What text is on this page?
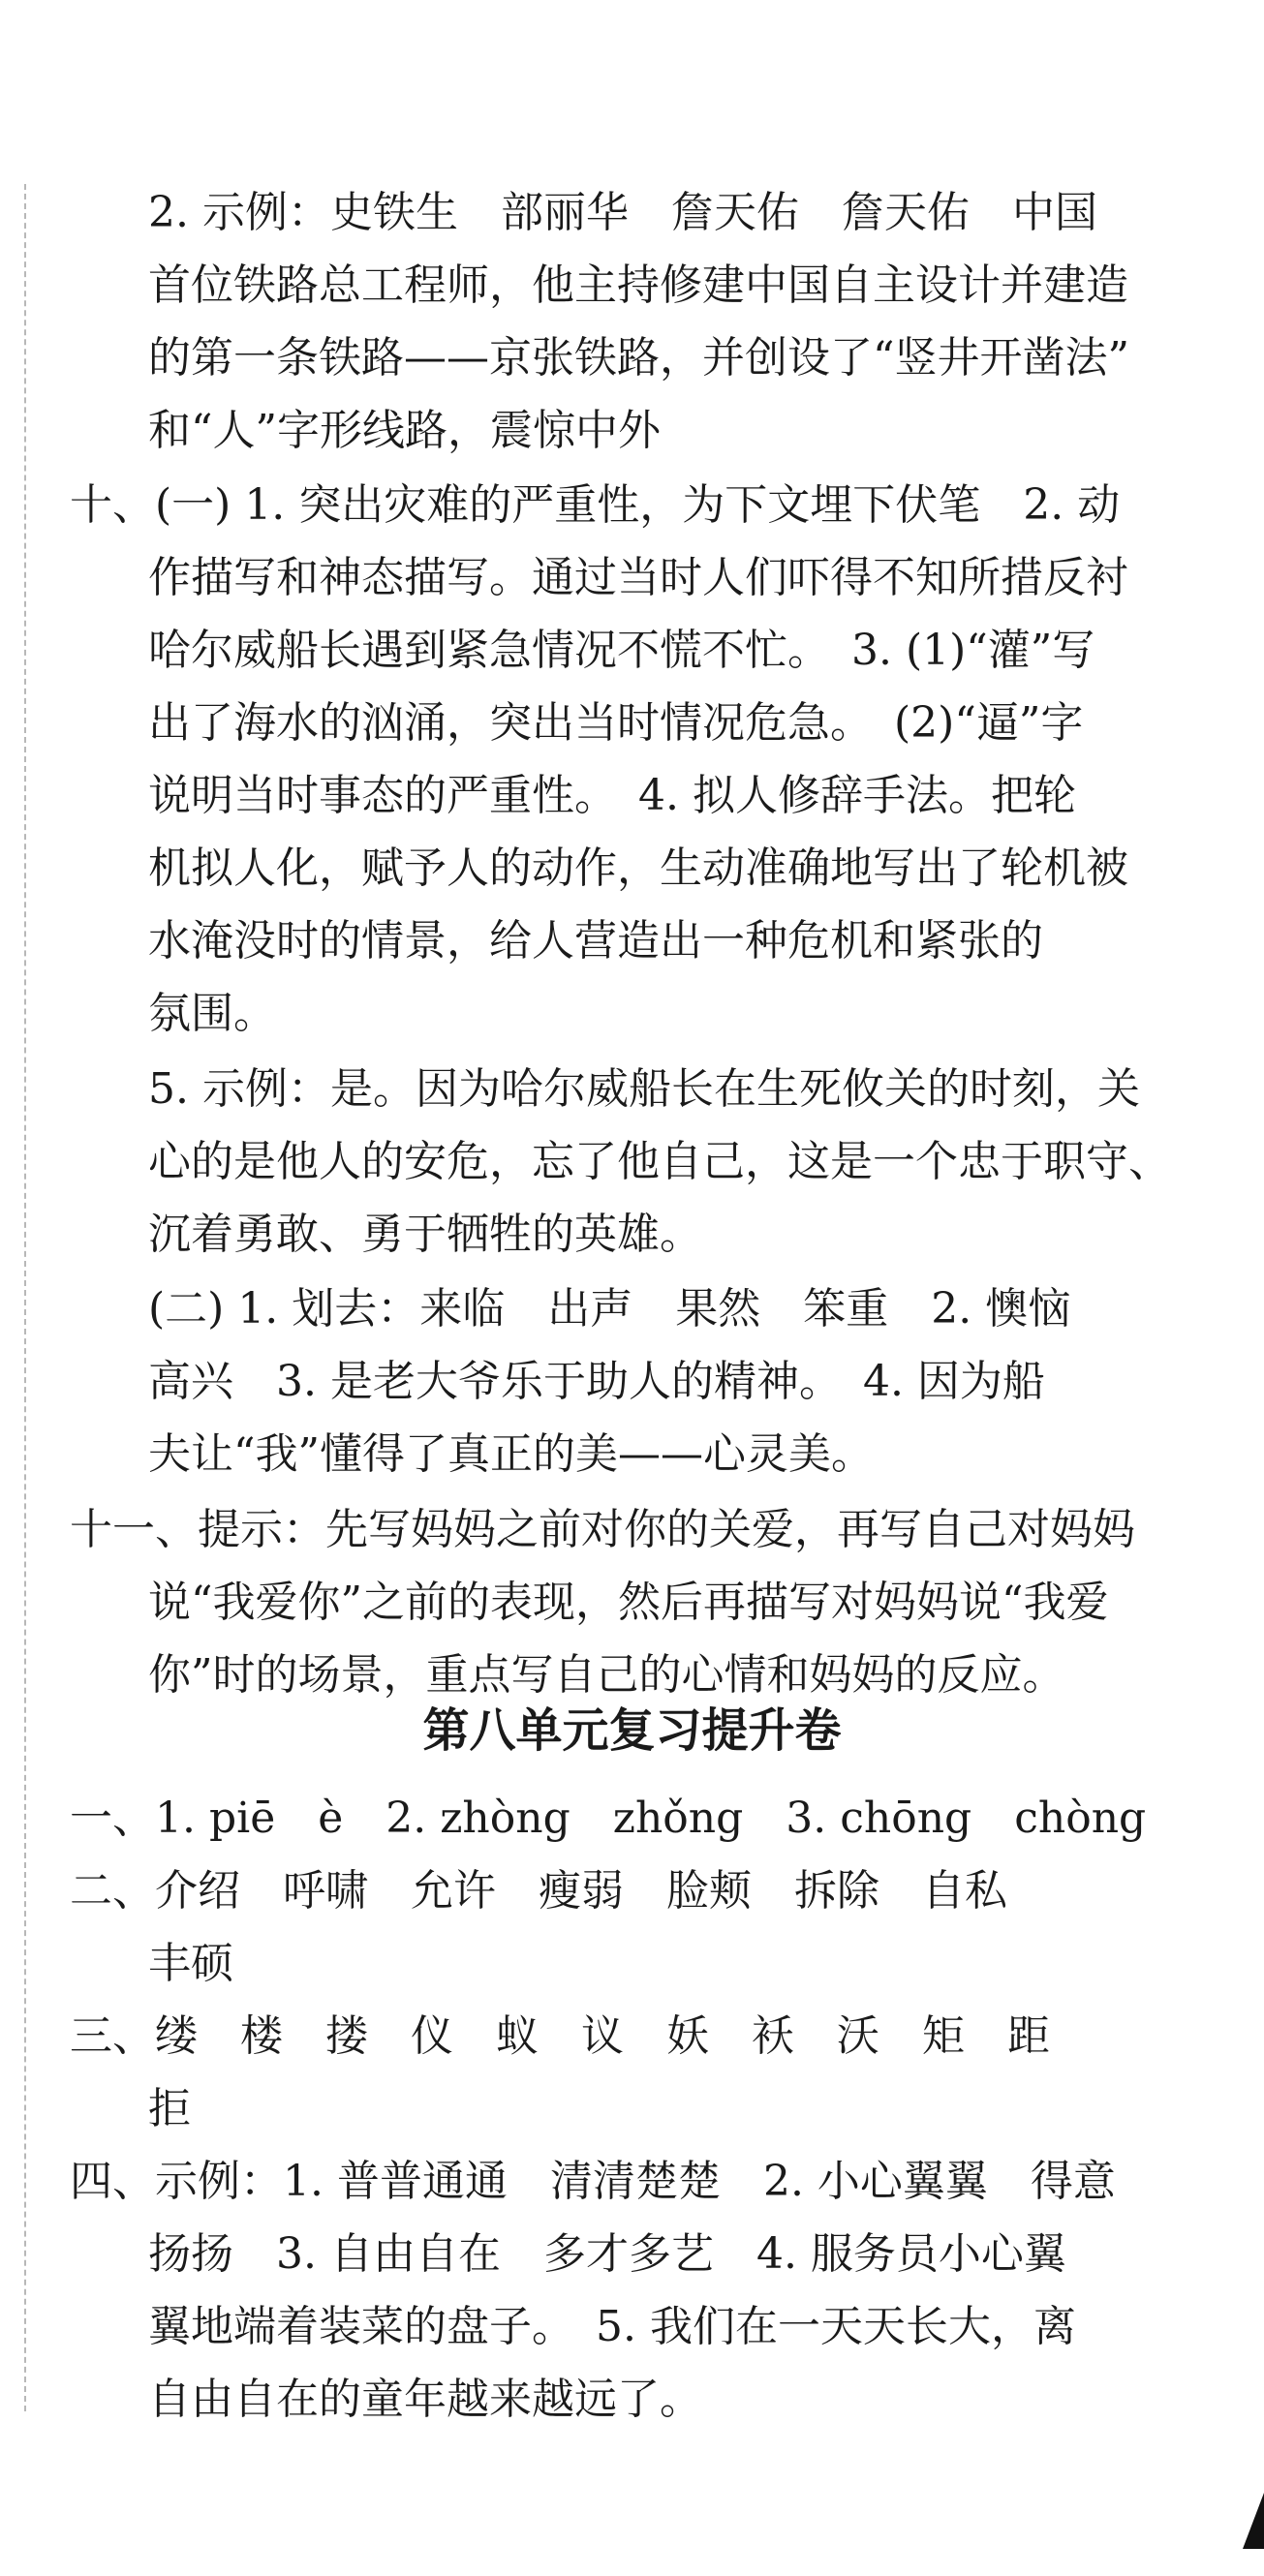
2. 示例：史铁生　部丽华　詹天佑　詹天佑　中国
首位铁路总工程师，他主持修建中国自主设计并建造
的第一条铁路——京张铁路，并创设了“竖井开凿法”
和“人”字形线路，震惊中外
十、(一) 1. 突出灾难的严重性，为下文埋下伏笔　2. 动
作描写和神态描写。通过当时人们吓得不知所措反衬
哈尔威船长遇到紧急情况不慌不忙。　3. (1)“灌”写
出了海水的汹涌，突出当时情况危急。　(2)“逼”字
说明当时事态的严重性。　4. 拟人修辞手法。把轮
机拟人化，赋予人的动作，生动准确地写出了轮机被
水淹没时的情景，给人营造出一种危机和紧张的
氛围。
5. 示例：是。因为哈尔威船长在生死攸关的时刻，关
心的是他人的安危，忘了他自己，这是一个忠于职守、
沉着勇敢、勇于牺牲的英雄。
(二) 1. 划去：来临　出声　果然　笨重　2. 懊恼
高兴　3. 是老大爷乐于助人的精神。　4. 因为船
夫让“我”懂得了真正的美——心灵美。
十一、提示：先写妈妈之前对你的关爱，再写自己对妈妈
说“我爱你”之前的表现，然后再描写对妈妈说“我爱
你”时的场景，重点写自己的心情和妈妈的反应。
第八单元复习提升卷
一、1. piē　è　2. zhòng　zhǒng　3. chōng　chòng
二、介绍　呼啸　允许　瘦弱　脸颊　拆除　自私
丰硕
三、缕　楼　搂　仪　蚁　议　妖　袄　沃　矩　距
拒
四、示例：1. 普普通通　清清楚楚　2. 小心翼翼　得意
扬扬　3. 自由自在　多才多艺　4. 服务员小心翼
翼地端着装菜的盘子。　5. 我们在一天天长大，离
自由自在的童年越来越远了。
